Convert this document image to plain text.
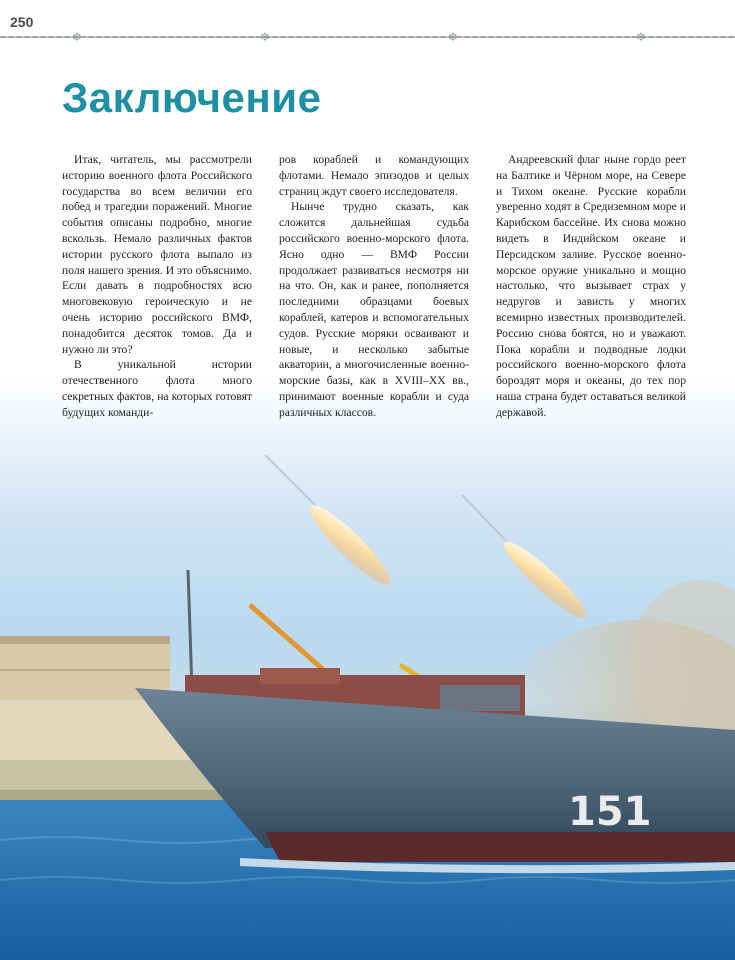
250
❄	❄	❄	❄
Заключение

Итак, читатель, мы рассмотрели историю военного флота Российского государства во всем величии его побед и трагедии поражений. Многие события описаны подробно, многие вскользь. Немало различных фактов истории русского флота выпало из поля нашего зрения. И это объяснимо. Если давать в подробностях всю многовековую героическую и не очень историю российского ВМФ, понадобится десяток томов. Да и нужно ли это?

В уникальной истории отечественного флота много секретных фактов, на которых готовят будущих команди-

ров кораблей и командующих флотами. Немало эпизодов и целых страниц ждут своего исследователя.

Нынче трудно сказать, как сложится дальнейшая судьба российского военно-морского флота. Ясно одно — ВМФ России продолжает развиваться несмотря ни на что. Он, как и ранее, пополняется последними образцами боевых кораблей, катеров и вспомогательных судов. Русские моряки осваивают и новые, и несколько забытые акватории, а многочисленные военно-морские базы, как в XVIII–XX вв., принимают военные корабли и суда различных классов.

Андреевский флаг ныне гордо реет на Балтике и Чёрном море, на Севере и Тихом океане. Русские корабли уверенно ходят в Средиземном море и Карибском бассейне. Их снова можно видеть в Индийском океане и Персидском заливе. Русское военно-морское оружие уникально и мощно настолько, что вызывает страх у недругов и зависть у многих всемирно известных производителей. Россию снова боятся, но и уважают. Пока корабли и подводные лодки российского военно-морского флота бороздят моря и океаны, до тех пор наша страна будет оставаться великой державой.

151
